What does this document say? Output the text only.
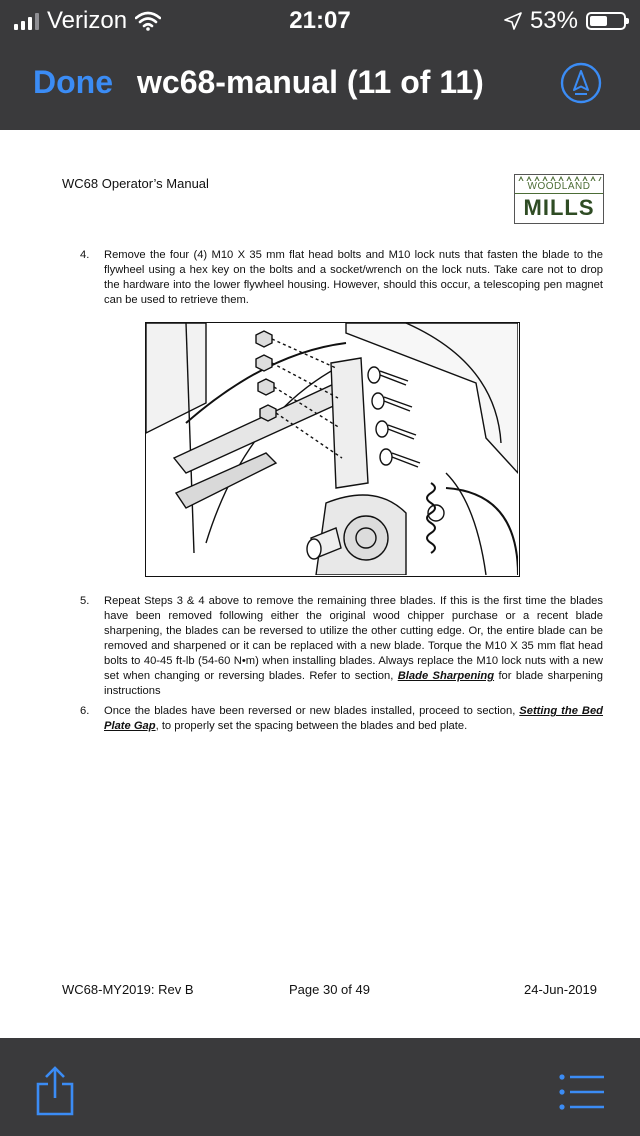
Verizon	21:07	53%
Done wc68-manual (11 of 11)
WC68 Operator’s Manual	WOODLAND
MILLS
4.	Remove the four (4) M10 X 35 mm flat head bolts and M10 lock nuts that fasten the blade to the flywheel using a hex key on the bolts and a socket/wrench on the lock nuts. Take care not to drop the hardware into the lower flywheel housing. However, should this occur, a telescoping pen magnet can be used to retrieve them.
5.	Repeat Steps 3 & 4 above to remove the remaining three blades. If this is the first time the blades have been removed following either the original wood chipper purchase or a recent blade sharpening, the blades can be reversed to utilize the other cutting edge. Or, the entire blade can be removed and sharpened or it can be replaced with a new blade. Torque the M10 X 35 mm flat head bolts to 40-45 ft-lb (54-60 N•m) when installing blades. Always replace the M10 lock nuts with a new set when changing or reversing blades. Refer to section, Blade Sharpening for blade sharpening instructions
6.	Once the blades have been reversed or new blades installed, proceed to section, Setting the Bed Plate Gap, to properly set the spacing between the blades and bed plate.
WC68-MY2019: Rev B	Page 30 of 49	24-Jun-2019
